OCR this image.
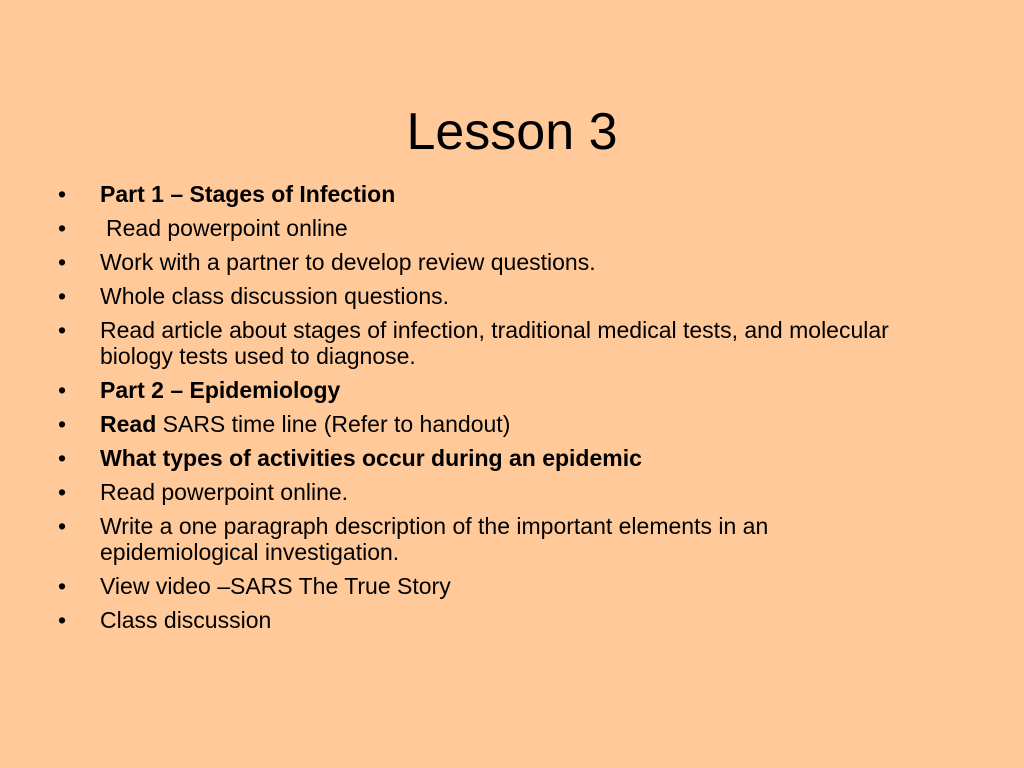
Lesson 3
•	Part 1 – Stages of Infection
•	Read powerpoint online
•	Work with a partner to develop review questions.
•	Whole class discussion questions.
•	Read article about stages of infection, traditional medical tests, and molecular biology tests used to diagnose.
•	Part 2 – Epidemiology
•	Read SARS time line (Refer to handout)
•	What types of activities occur during an epidemic
•	Read powerpoint online.
•	Write a one paragraph description of the important elements in an epidemiological investigation.
•	View video –SARS The True Story
•	Class discussion
